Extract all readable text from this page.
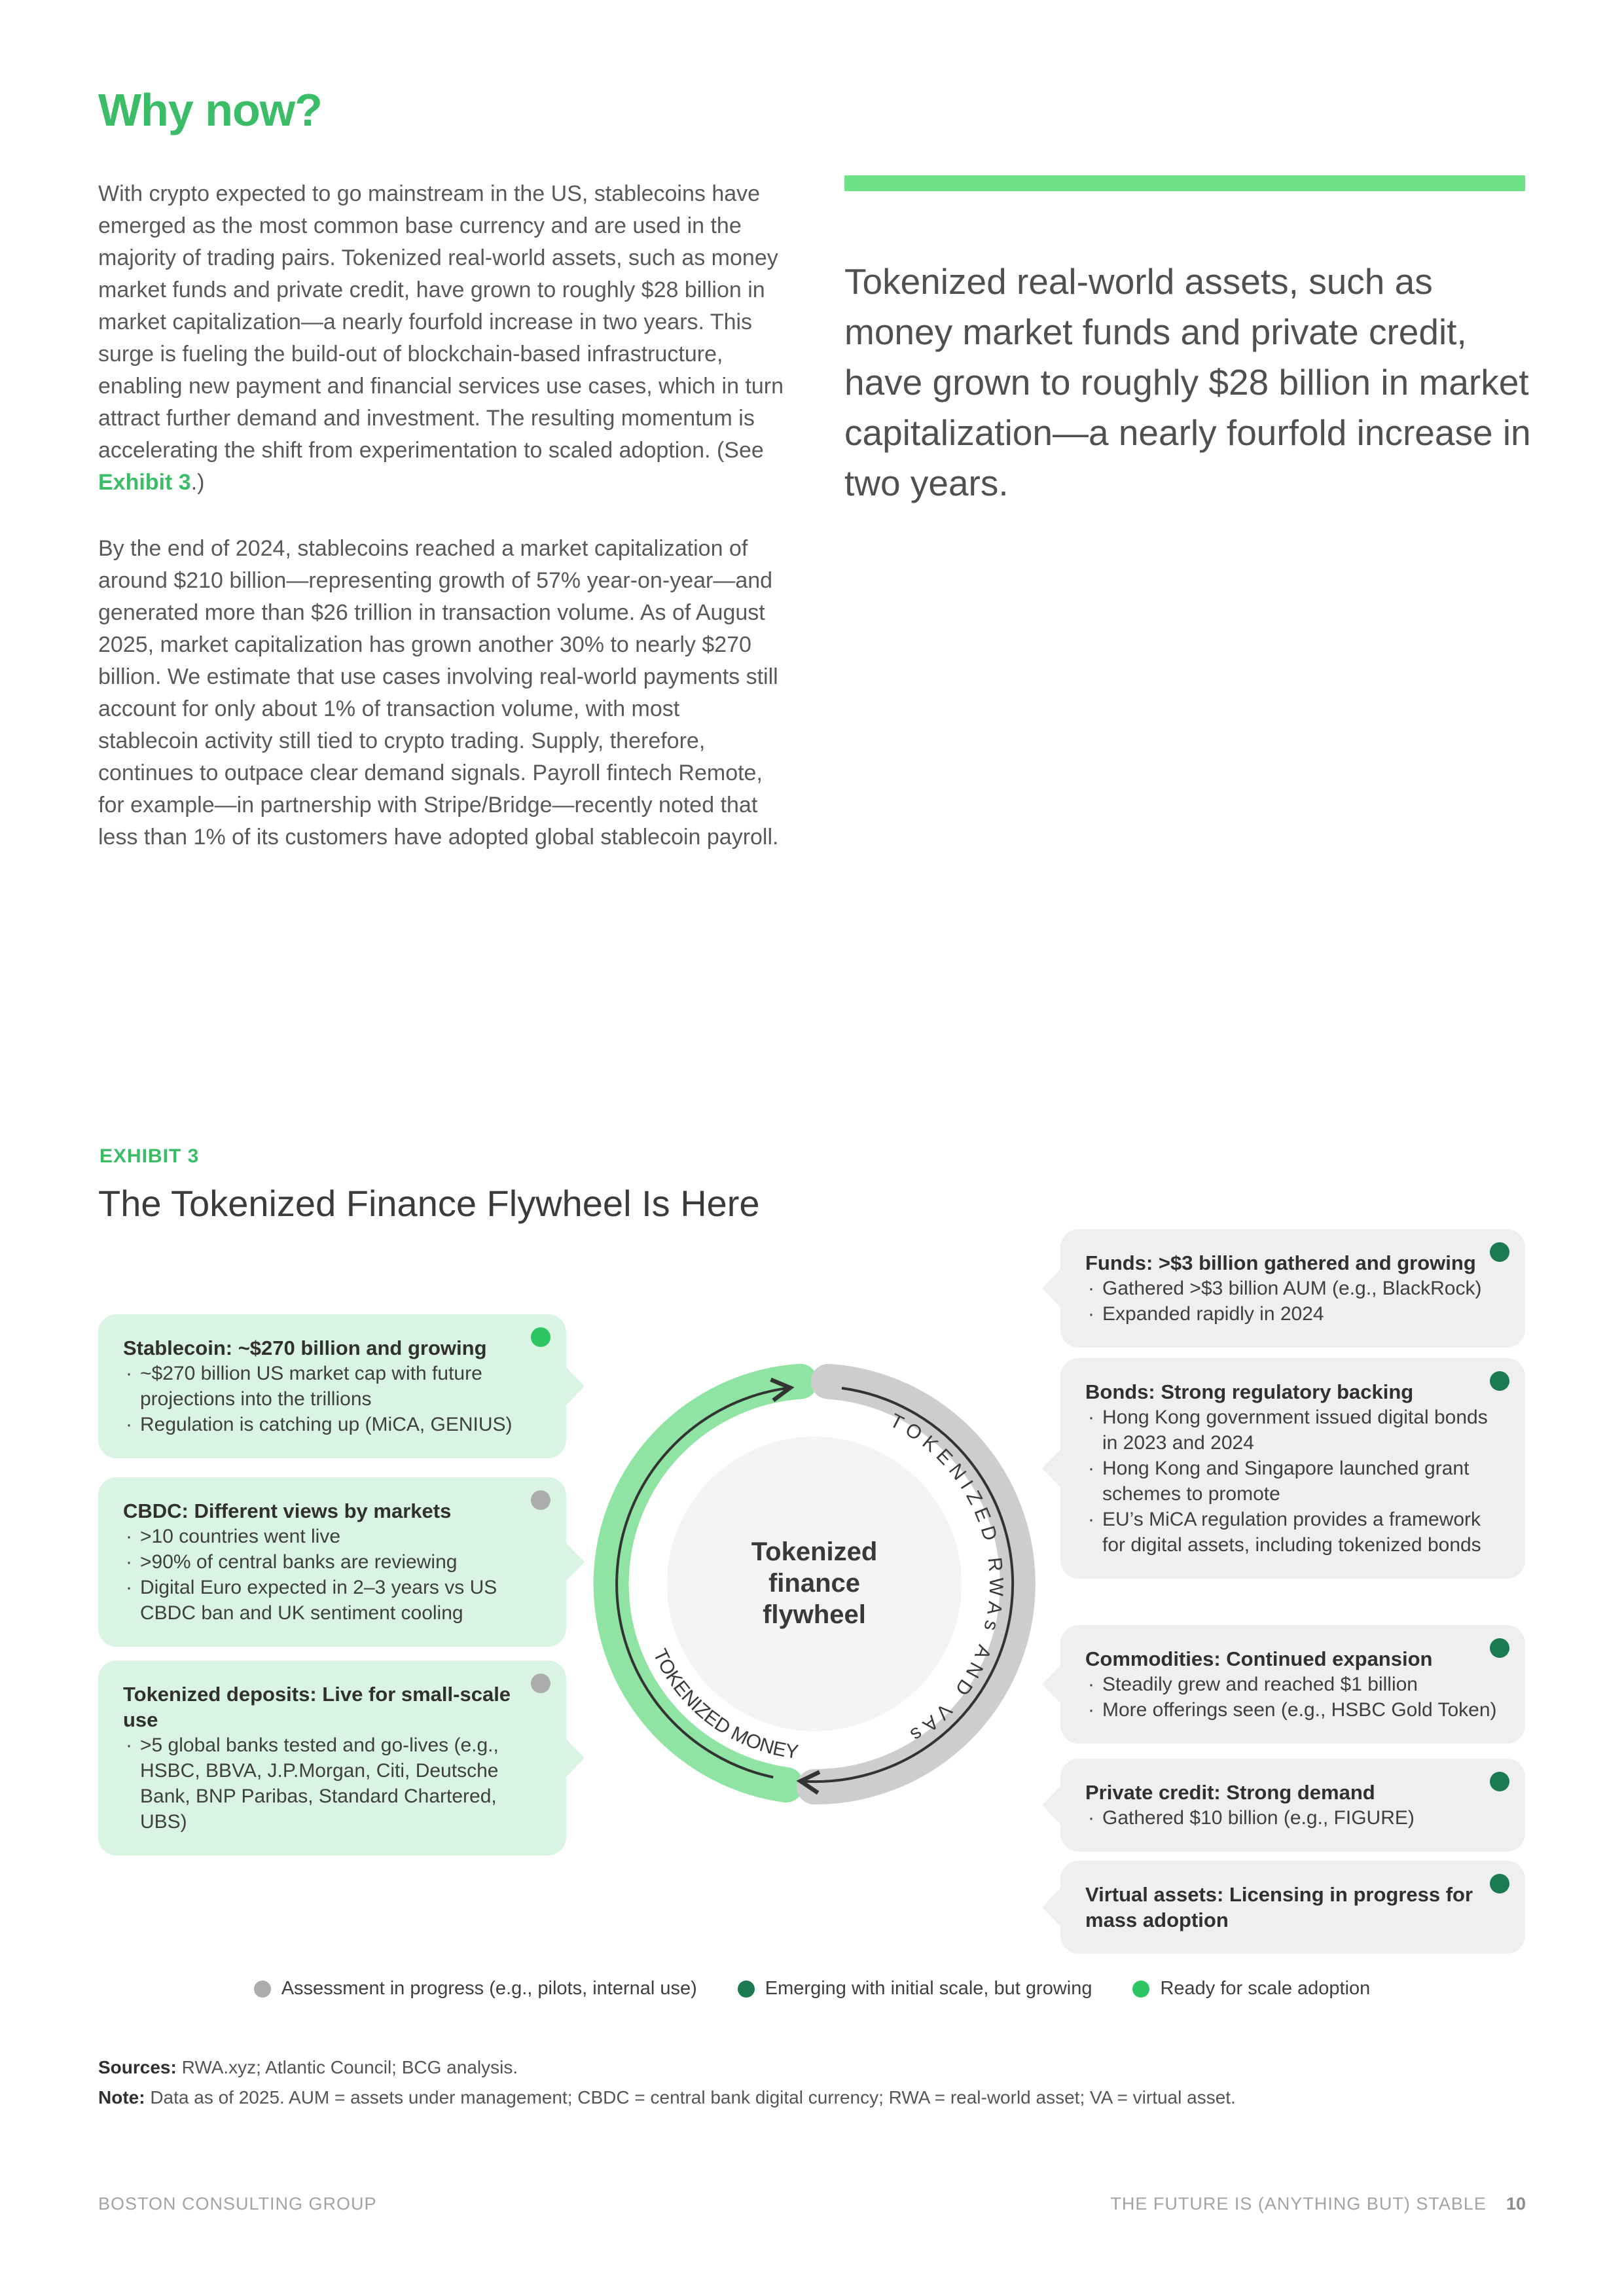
Why now?

With crypto expected to go mainstream in the US, stablecoins have emerged as the most common base currency and are used in the majority of trading pairs. Tokenized real-world assets, such as money market funds and private credit, have grown to roughly $28 billion in market capitalization—a nearly fourfold increase in two years. This surge is fueling the build-out of blockchain-based infrastructure, enabling new payment and financial services use cases, which in turn attract further demand and investment. The resulting momentum is accelerating the shift from experimentation to scaled adoption. (See Exhibit 3.)

By the end of 2024, stablecoins reached a market capitalization of around $210 billion—representing growth of 57% year-on-year—and generated more than $26 trillion in transaction volume. As of August 2025, market capitalization has grown another 30% to nearly $270 billion. We estimate that use cases involving real-world payments still account for only about 1% of transaction volume, with most stablecoin activity still tied to crypto trading. Supply, therefore, continues to outpace clear demand signals. Payroll fintech Remote, for example—in partnership with Stripe/Bridge—recently noted that less than 1% of its customers have adopted global stablecoin payroll.

Tokenized real-world assets, such as money market funds and private credit, have grown to roughly $28 billion in market capitalization—a nearly fourfold increase in two years.

EXHIBIT 3
The Tokenized Finance Flywheel Is Here
Stablecoin: ~$270 billion and growing
· ~$270 billion US market cap with future projections into the trillions
· Regulation is catching up (MiCA, GENIUS)
CBDC: Different views by markets
· >10 countries went live
· >90% of central banks are reviewing
· Digital Euro expected in 2–3 years vs US CBDC ban and UK sentiment cooling
Tokenized deposits: Live for small-scale use
· >5 global banks tested and go-lives (e.g., HSBC, BBVA, J.P.Morgan, Citi, Deutsche Bank, BNP Paribas, Standard Chartered, UBS)
Funds: >$3 billion gathered and growing
· Gathered >$3 billion AUM (e.g., BlackRock)
· Expanded rapidly in 2024
Bonds: Strong regulatory backing
· Hong Kong government issued digital bonds in 2023 and 2024
· Hong Kong and Singapore launched grant schemes to promote
· EU’s MiCA regulation provides a framework for digital assets, including tokenized bonds
Commodities: Continued expansion
· Steadily grew and reached $1 billion
· More offerings seen (e.g., HSBC Gold Token)
Private credit: Strong demand
· Gathered $10 billion (e.g., FIGURE)
Virtual assets: Licensing in progress for mass adoption
Tokenized
finance
flywheel
TOKENIZED RWAs AND VAs
TOKENIZED MONEY
Assessment in progress (e.g., pilots, internal use)	Emerging with initial scale, but growing	Ready for scale adoption
Sources: RWA.xyz; Atlantic Council; BCG analysis.
Note: Data as of 2025. AUM = assets under management; CBDC = central bank digital currency; RWA = real-world asset; VA = virtual asset.
BOSTON CONSULTING GROUP	THE FUTURE IS (ANYTHING BUT) STABLE 10
